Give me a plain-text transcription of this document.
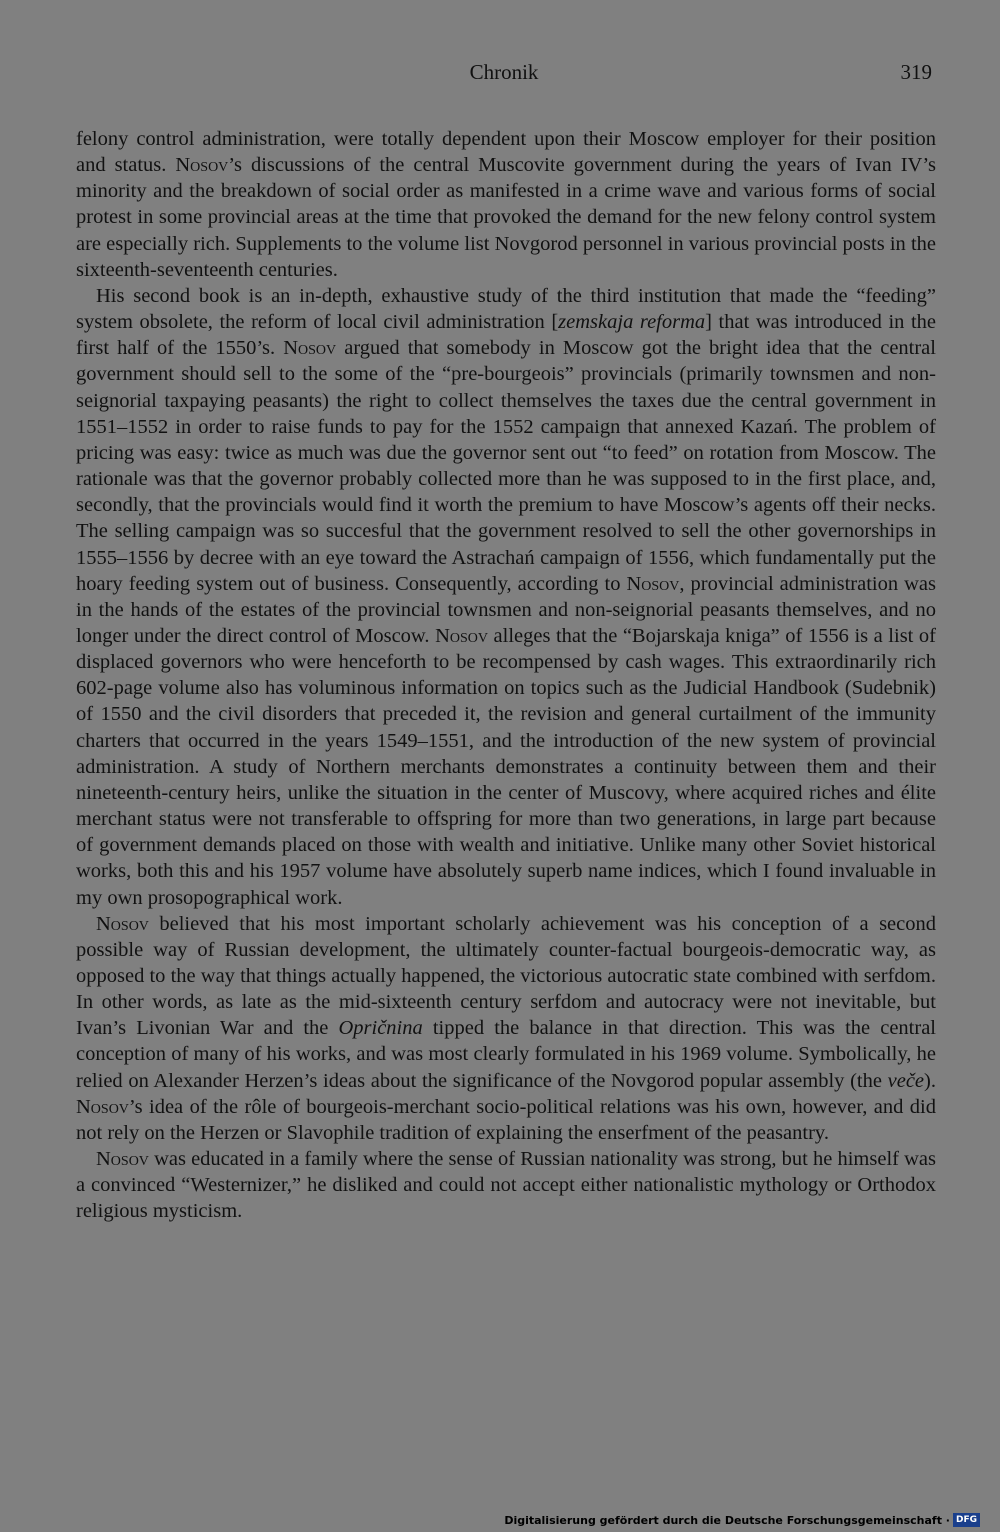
Chronik	319

felony control administration, were totally dependent upon their Moscow employer for their position and status. Nosov’s discussions of the central Muscovite government during the years of Ivan IV’s minority and the breakdown of social order as manifested in a crime wave and various forms of social protest in some provincial areas at the time that provoked the demand for the new felony control system are especially rich. Supplements to the volume list Novgorod personnel in various provincial posts in the sixteenth-seventeenth centuries.

His second book is an in-depth, exhaustive study of the third institution that made the “feeding” system obsolete, the reform of local civil administration [zemskaja reforma] that was introduced in the first half of the 1550’s. Nosov argued that somebody in Moscow got the bright idea that the central government should sell to the some of the “pre-bourgeois” provincials (primarily townsmen and non-seignorial taxpaying peasants) the right to collect themselves the taxes due the central government in 1551–1552 in order to raise funds to pay for the 1552 campaign that annexed Kazań. The problem of pricing was easy: twice as much was due the governor sent out “to feed” on rotation from Moscow. The rationale was that the governor probably collected more than he was supposed to in the first place, and, secondly, that the provincials would find it worth the premium to have Moscow’s agents off their necks. The selling campaign was so succesful that the government resolved to sell the other governorships in 1555–1556 by decree with an eye toward the Astrachań campaign of 1556, which fundamentally put the hoary feeding system out of business. Consequently, according to Nosov, provincial administration was in the hands of the estates of the provincial townsmen and non-seignorial peasants themselves, and no longer under the direct control of Moscow. Nosov alleges that the “Bojarskaja kniga” of 1556 is a list of displaced governors who were henceforth to be recompensed by cash wages. This extraordinarily rich 602-page volume also has voluminous information on topics such as the Judicial Handbook (Sudebnik) of 1550 and the civil disorders that preceded it, the revision and general curtailment of the immunity charters that occurred in the years 1549–1551, and the introduction of the new system of provincial administration. A study of Northern merchants demonstrates a continuity between them and their nineteenth-century heirs, unlike the situation in the center of Muscovy, where acquired riches and élite merchant status were not transferable to offspring for more than two generations, in large part because of government demands placed on those with wealth and initiative. Unlike many other Soviet historical works, both this and his 1957 volume have absolutely superb name indices, which I found invaluable in my own prosopographical work.

Nosov believed that his most important scholarly achievement was his conception of a second possible way of Russian development, the ultimately counter-factual bourgeois-democratic way, as opposed to the way that things actually happened, the victorious autocratic state combined with serfdom. In other words, as late as the mid-sixteenth century serfdom and autocracy were not inevitable, but Ivan’s Livonian War and the Opričnina tipped the balance in that direction. This was the central conception of many of his works, and was most clearly formulated in his 1969 volume. Symbolically, he relied on Alexander Herzen’s ideas about the significance of the Novgorod popular assembly (the veče). Nosov’s idea of the rôle of bourgeois-merchant socio-political relations was his own, however, and did not rely on the Herzen or Slavophile tradition of explaining the enserfment of the peasantry.

Nosov was educated in a family where the sense of Russian nationality was strong, but he himself was a convinced “Westernizer,” he disliked and could not accept either nationalistic mythology or Orthodox religious mysticism.

Digitalisierung gefördert durch die Deutsche Forschungsgemeinschaft · DFG
